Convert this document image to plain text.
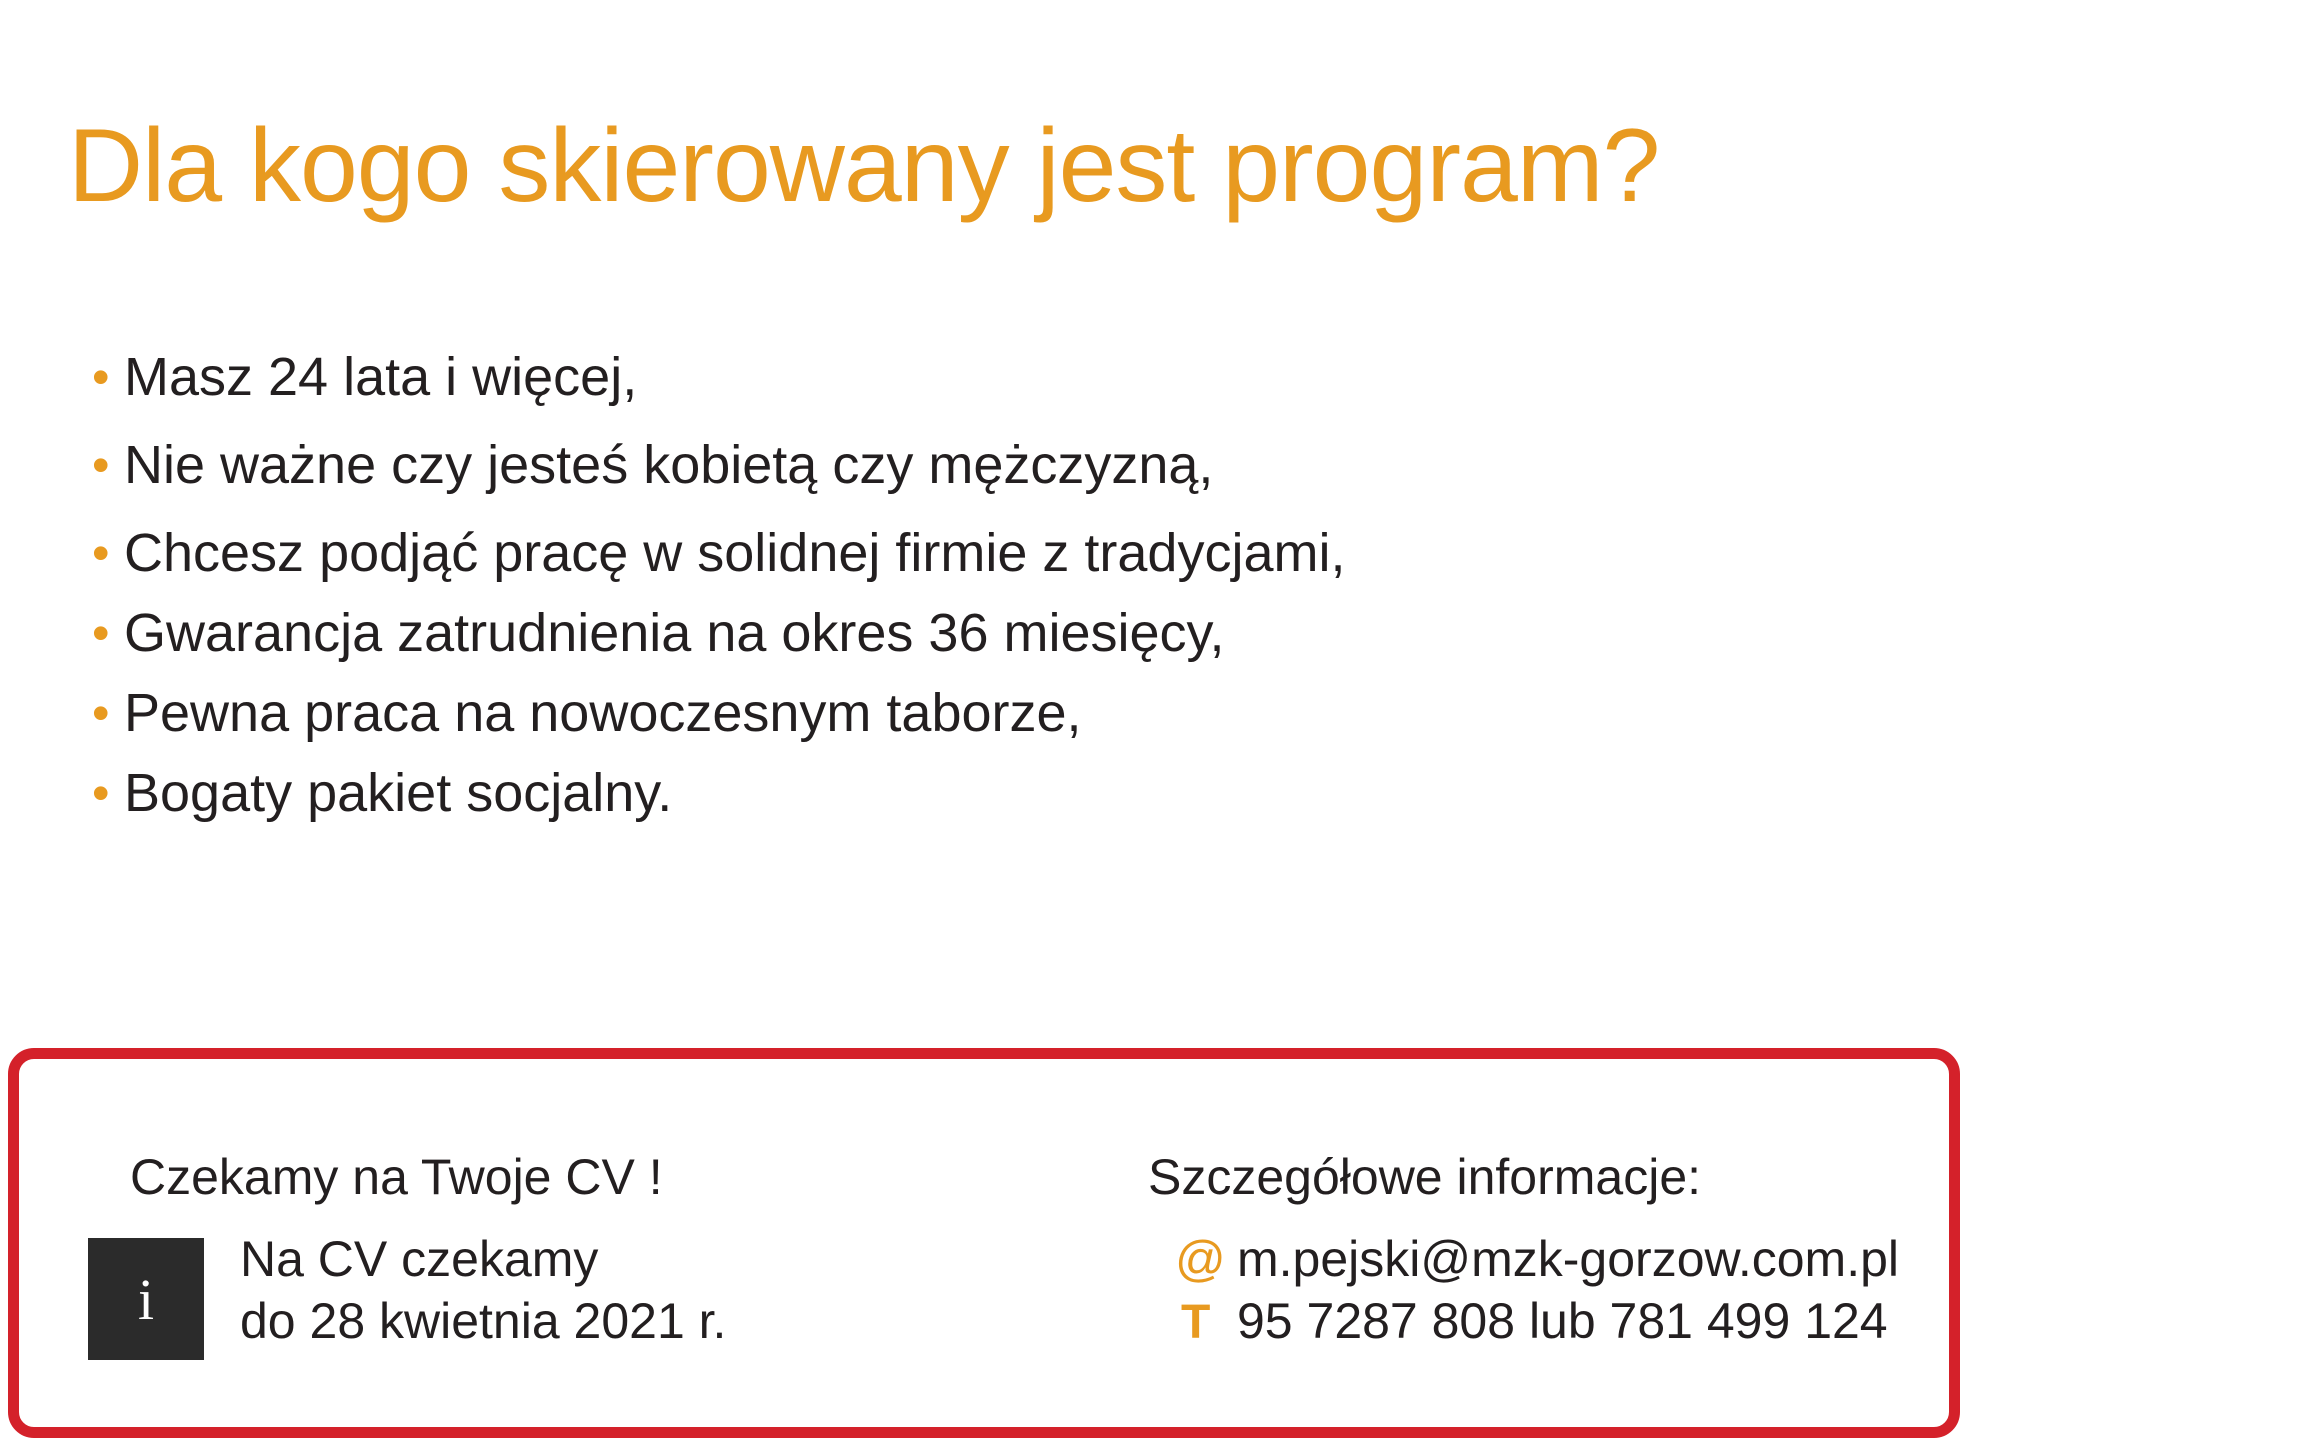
Dla kogo skierowany jest program?
• Masz 24 lata i więcej,
• Nie ważne czy jesteś kobietą czy mężczyzną,
• Chcesz podjąć pracę w solidnej firmie z tradycjami,
• Gwarancja zatrudnienia na okres 36 miesięcy,
• Pewna praca na nowoczesnym taborze,
• Bogaty pakiet socjalny.
Czekamy na Twoje CV !	Szczegółowe informacje:
i
Na CV czekamy
do 28 kwietnia 2021 r.
@ m.pejski@mzk-gorzow.com.pl
T 95 7287 808 lub 781 499 124
